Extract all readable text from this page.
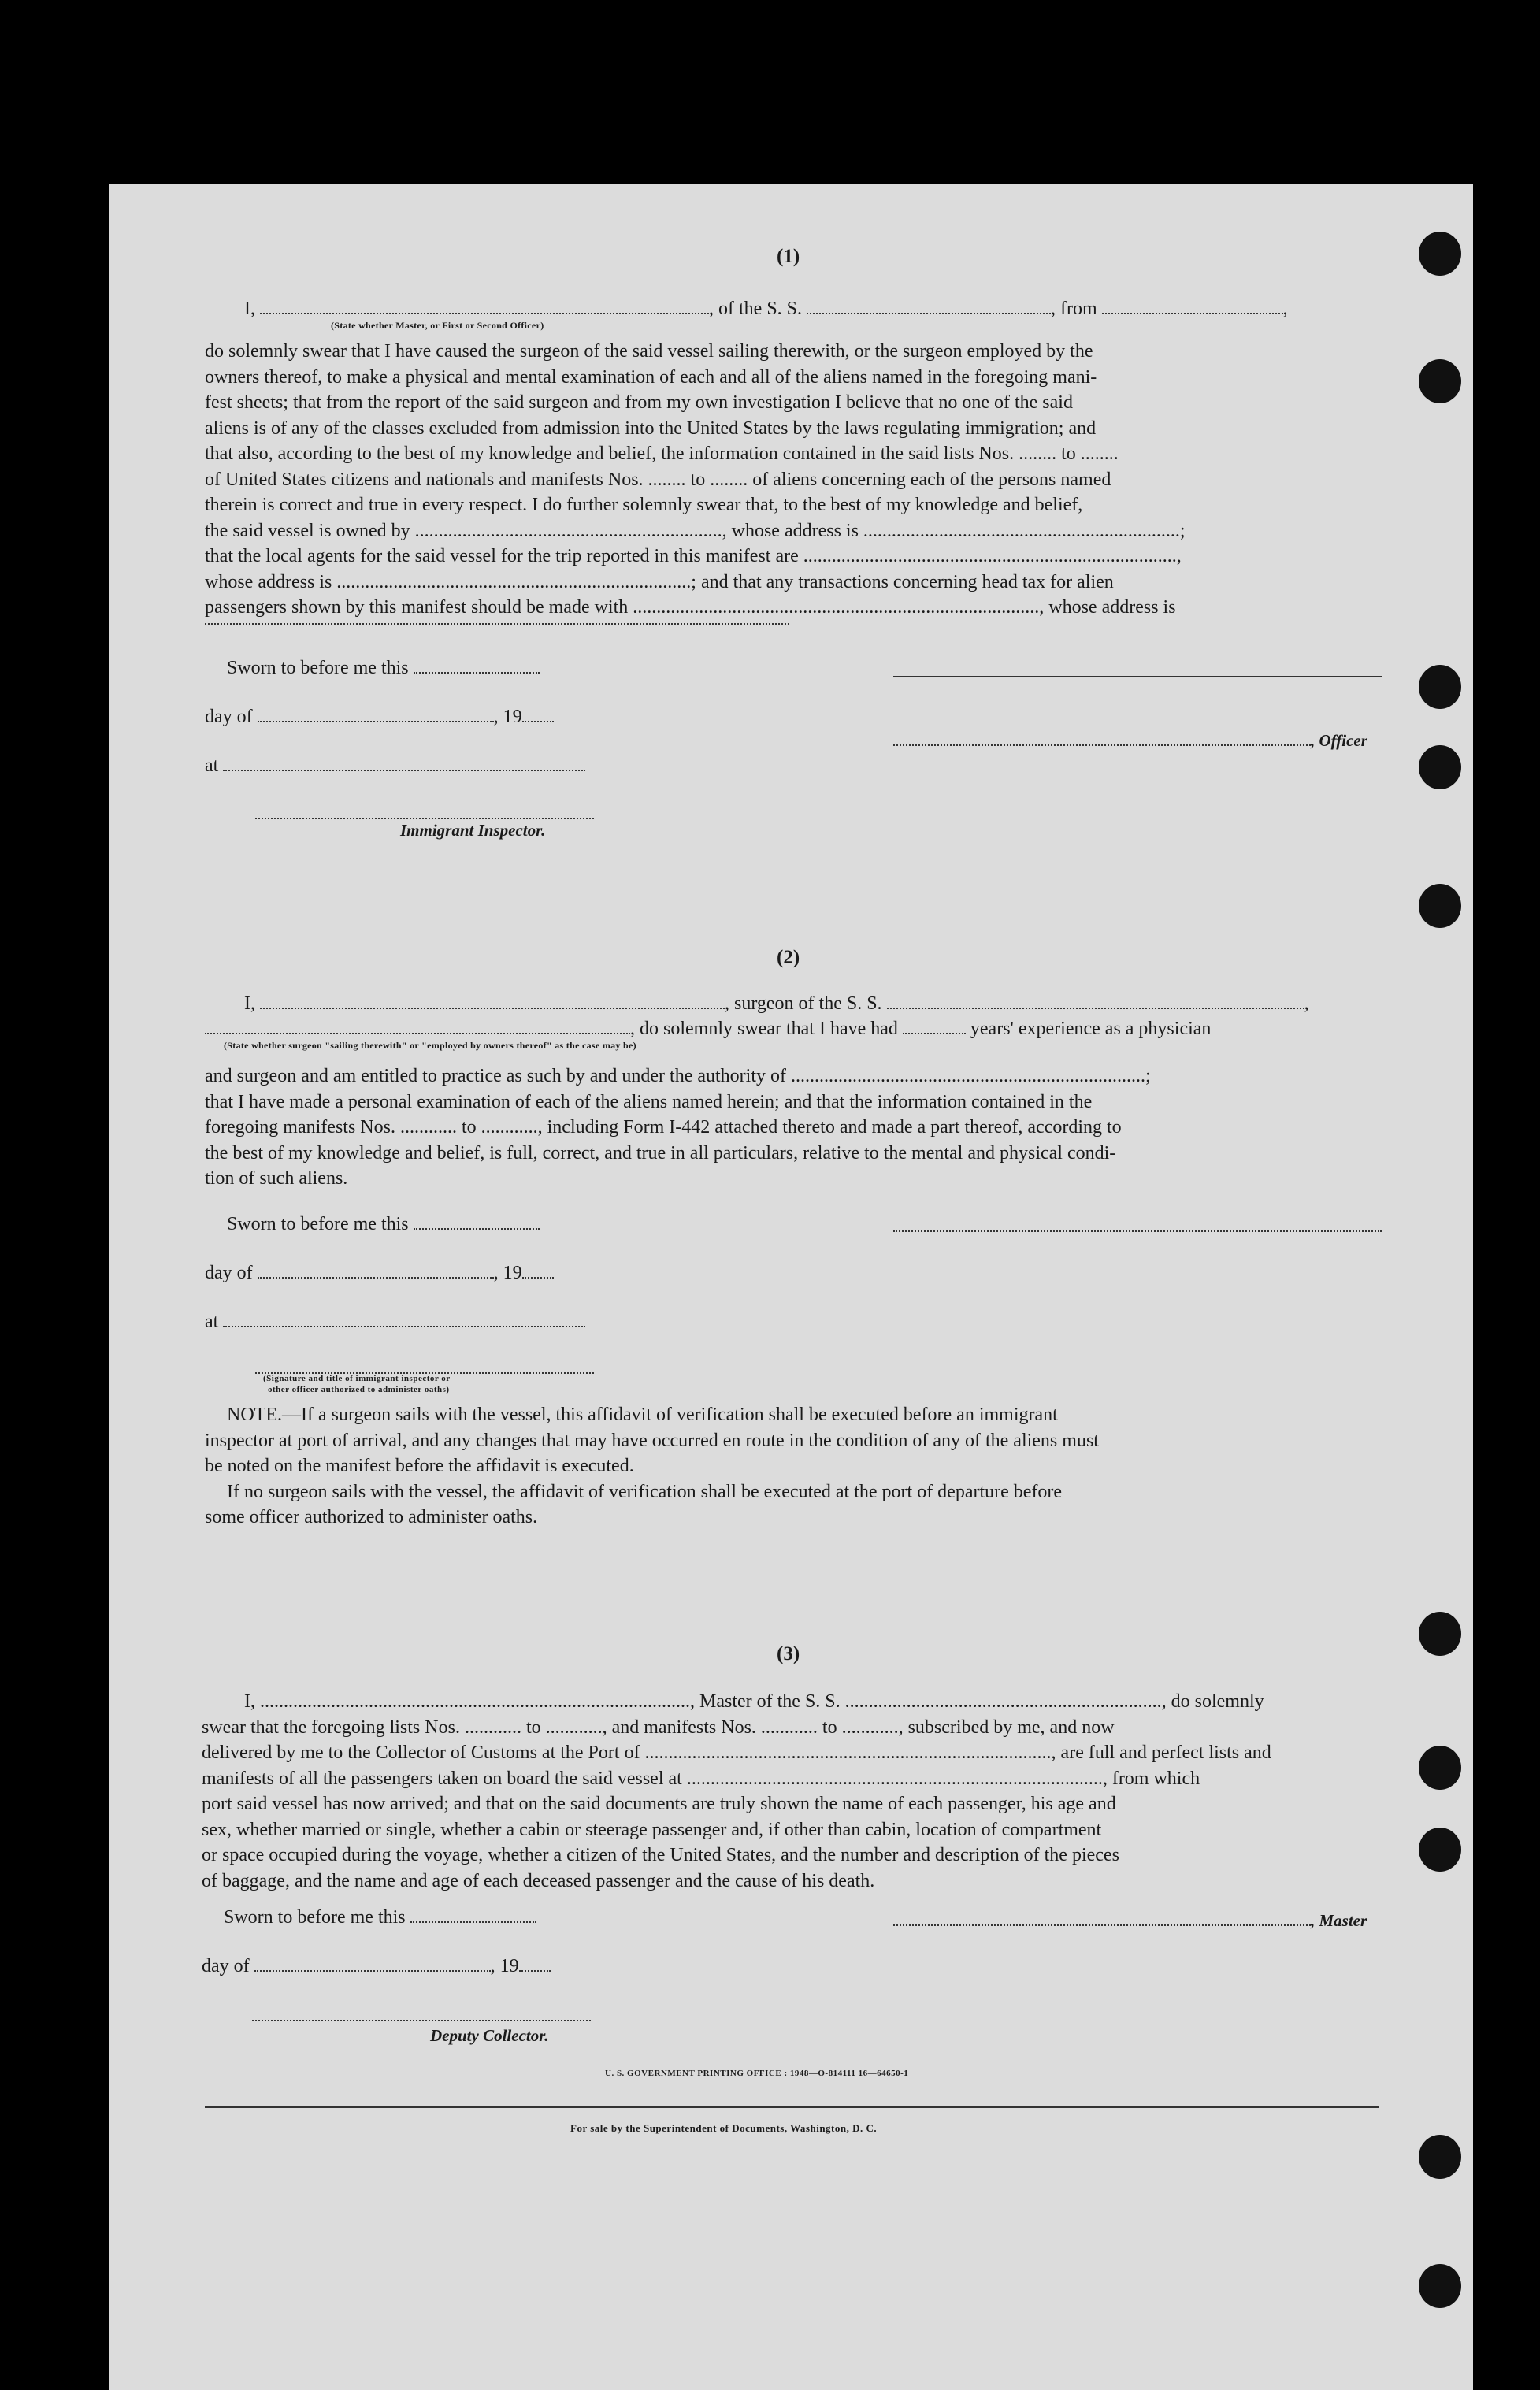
(1)
I,	, of the S. S.	, from	,
(State whether Master, or First or Second Officer)

do solemnly swear that I have caused the surgeon of the said vessel sailing therewith, or the surgeon employed by the

owners thereof, to make a physical and mental examination of each and all of the aliens named in the foregoing mani-

fest sheets; that from the report of the said surgeon and from my own investigation I believe that no one of the said

aliens is of any of the classes excluded from admission into the United States by the laws regulating immigration; and

that also, according to the best of my knowledge and belief, the information contained in the said lists Nos. ........ to ........

of United States citizens and nationals and manifests Nos. ........ to ........ of aliens concerning each of the persons named

therein is correct and true in every respect. I do further solemnly swear that, to the best of my knowledge and belief,

the said vessel is owned by ................................................................., whose address is ...................................................................;

that the local agents for the said vessel for the trip reported in this manifest are ...............................................................................,

whose address is ...........................................................................; and that any transactions concerning head tax for alien

passengers shown by this manifest should be made with ......................................................................................, whose address is

Sworn to before me this
day of	, 19
at
Immigrant Inspector.
, Officer
(2)
I,	, surgeon of the S. S.	,
, do solemnly swear that I have had	years' experience as a physician
(State whether surgeon "sailing therewith" or "employed by owners thereof" as the case may be)

and surgeon and am entitled to practice as such by and under the authority of ...........................................................................;

that I have made a personal examination of each of the aliens named herein; and that the information contained in the

foregoing manifests Nos. ............ to ............, including Form I-442 attached thereto and made a part thereof, according to

the best of my knowledge and belief, is full, correct, and true in all particulars, relative to the mental and physical condi-

tion of such aliens.

Sworn to before me this
day of	, 19
at
(Signature and title of immigrant inspector or
other officer authorized to administer oaths)

NOTE.—If a surgeon sails with the vessel, this affidavit of verification shall be executed before an immigrant

inspector at port of arrival, and any changes that may have occurred en route in the condition of any of the aliens must

be noted on the manifest before the affidavit is executed.

If no surgeon sails with the vessel, the affidavit of verification shall be executed at the port of departure before

some officer authorized to administer oaths.

(3)

I, ..........................................................................................., Master of the S. S. ..................................................................., do solemnly

swear that the foregoing lists Nos. ............ to ............, and manifests Nos. ............ to ............, subscribed by me, and now

delivered by me to the Collector of Customs at the Port of ......................................................................................, are full and perfect lists and

manifests of all the passengers taken on board the said vessel at ........................................................................................, from which

port said vessel has now arrived; and that on the said documents are truly shown the name of each passenger, his age and

sex, whether married or single, whether a cabin or steerage passenger and, if other than cabin, location of compartment

or space occupied during the voyage, whether a citizen of the United States, and the number and description of the pieces

of baggage, and the name and age of each deceased passenger and the cause of his death.

Sworn to before me this	, Master
day of	, 19
Deputy Collector.
U. S. GOVERNMENT PRINTING OFFICE : 1948—O-814111 16—64650-1
For sale by the Superintendent of Documents, Washington, D. C.
